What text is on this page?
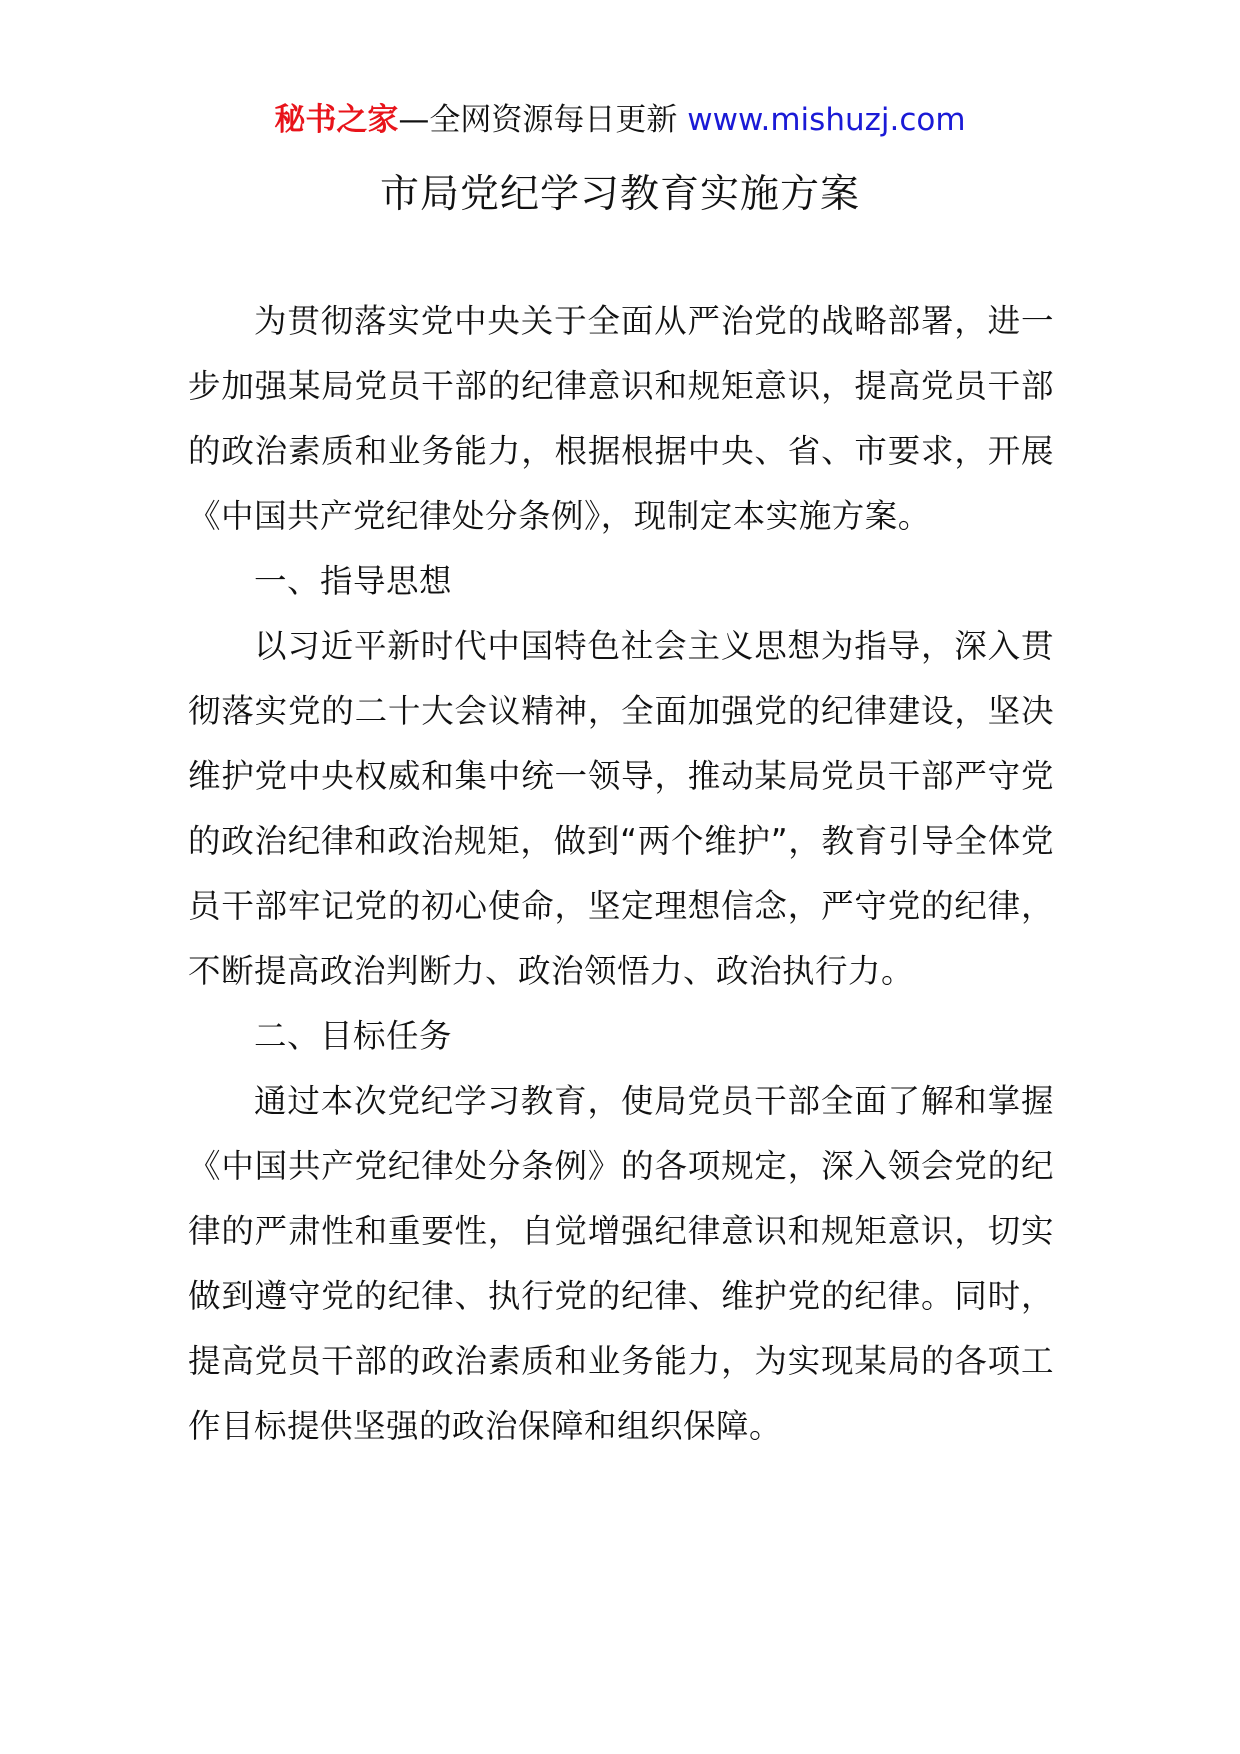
秘书之家—全网资源每日更新 www.mishuzj.com
市局党纪学习教育实施方案

为贯彻落实党中央关于全面从严治党的战略部署，进一步加强某局党员干部的纪律意识和规矩意识，提高党员干部的政治素质和业务能力，根据根据中央、省、市要求，开展《中国共产党纪律处分条例》，现制定本实施方案。

一、指导思想

以习近平新时代中国特色社会主义思想为指导，深入贯彻落实党的二十大会议精神，全面加强党的纪律建设，坚决维护党中央权威和集中统一领导，推动某局党员干部严守党的政治纪律和政治规矩，做到“两个维护”，教育引导全体党员干部牢记党的初心使命，坚定理想信念，严守党的纪律，不断提高政治判断力、政治领悟力、政治执行力。

二、目标任务

通过本次党纪学习教育，使局党员干部全面了解和掌握《中国共产党纪律处分条例》的各项规定，深入领会党的纪律的严肃性和重要性，自觉增强纪律意识和规矩意识，切实做到遵守党的纪律、执行党的纪律、维护党的纪律。同时，提高党员干部的政治素质和业务能力，为实现某局的各项工作目标提供坚强的政治保障和组织保障。
